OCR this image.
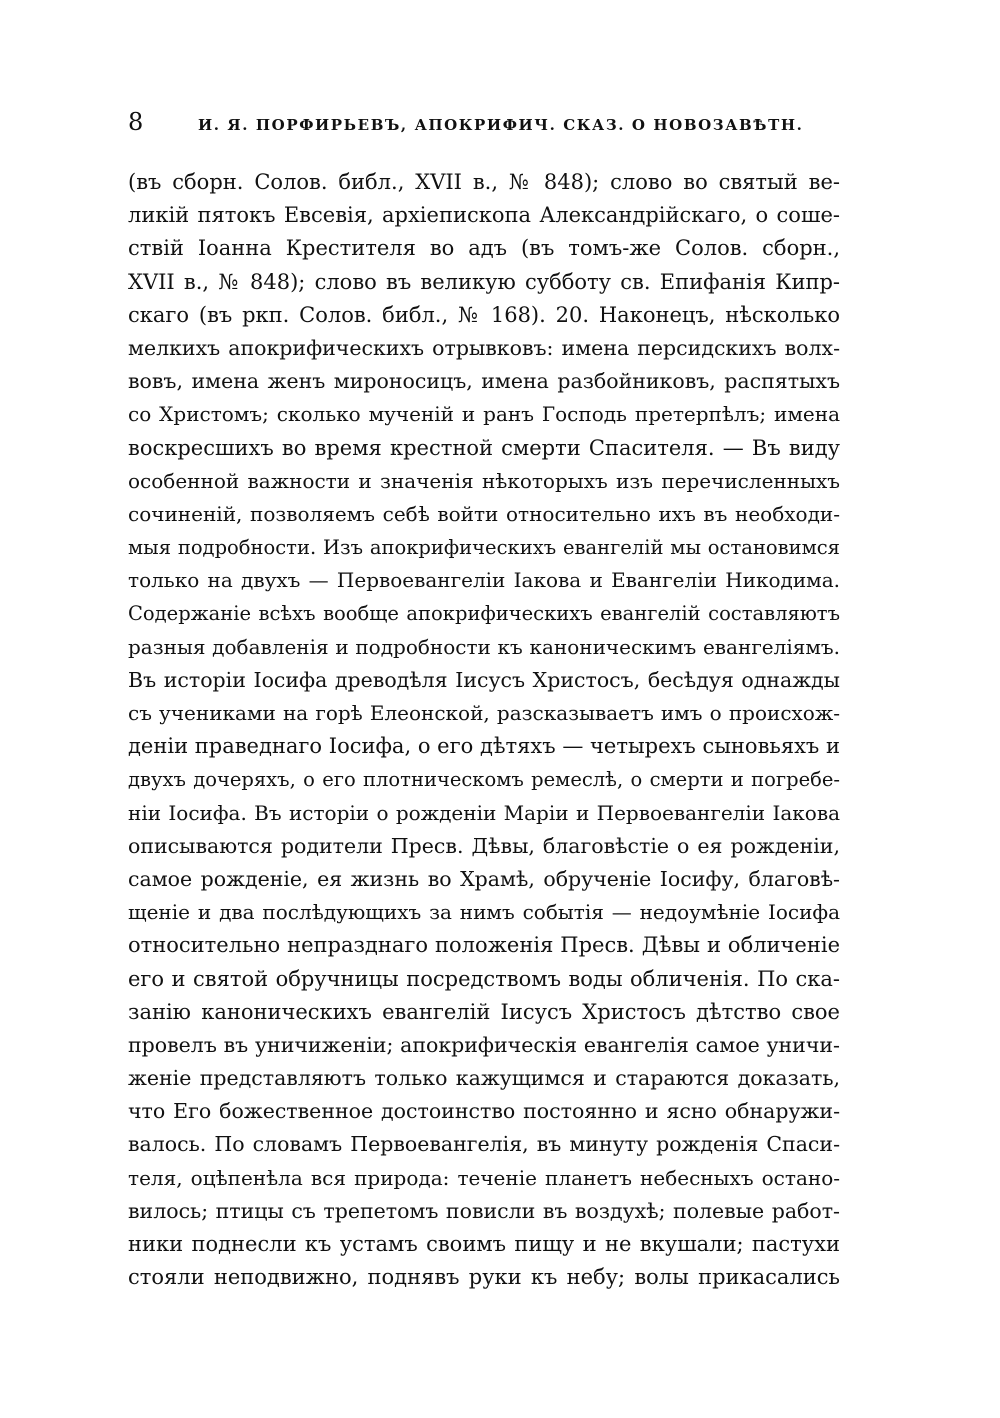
8	И. Я. ПОРФИРЬЕВЪ, АПОКРИФИЧ. СКАЗ. О НОВОЗАВѢТН.
(въ сборн. Солов. библ., XVII в., № 848); слово во святый ве-
ликій пятокъ Евсевія, архіепископа Александрійскаго, о соше-
ствій Іоанна Крестителя во адъ (въ томъ-же Солов. сборн.,
XVII в., № 848); слово въ великую субботу св. Епифанія Кипр-
скаго (въ ркп. Солов. библ., № 168). 20. Наконецъ, нѣсколько
мелкихъ апокрифическихъ отрывковъ: имена персидскихъ волх-
вовъ, имена женъ мироносицъ, имена разбойниковъ, распятыхъ
со Христомъ; сколько мученій и ранъ Господь претерпѣлъ; имена
воскресшихъ во время крестной смерти Спасителя. — Въ виду
особенной важности и значенія нѣкоторыхъ изъ перечисленныхъ
сочиненій, позволяемъ себѣ войти относительно ихъ въ необходи-
мыя подробности. Изъ апокрифическихъ евангелій мы остановимся
только на двухъ — Первоевангеліи Іакова и Евангеліи Никодима.
Содержаніе всѣхъ вообще апокрифическихъ евангелій составляютъ
разныя добавленія и подробности къ каноническимъ евангеліямъ.
Въ исторіи Іосифа древодѣля Іисусъ Христосъ, бесѣдуя однажды
съ учениками на горѣ Елеонской, разсказываетъ имъ о происхож-
деніи праведнаго Іосифа, о его дѣтяхъ — четырехъ сыновьяхъ и
двухъ дочеряхъ, о его плотническомъ ремеслѣ, о смерти и погребе-
ніи Іосифа. Въ исторіи о рожденіи Маріи и Первоевангеліи Іакова
описываются родители Пресв. Дѣвы, благовѣстіе о ея рожденіи,
самое рожденіе, ея жизнь во Храмѣ, обрученіе Іосифу, благовѣ-
щеніе и два послѣдующихъ за нимъ событія — недоумѣніе Іосифа
относительно непразднаго положенія Пресв. Дѣвы и обличеніе
его и святой обручницы посредствомъ воды обличенія. По ска-
занію каноническихъ евангелій Іисусъ Христосъ дѣтство свое
провелъ въ уничиженіи; апокрифическія евангелія самое уничи-
женіе представляютъ только кажущимся и стараются доказать,
что Его божественное достоинство постоянно и ясно обнаружи-
валось. По словамъ Первоевангелія, въ минуту рожденія Спаси-
теля, оцѣпенѣла вся природа: теченіе планетъ небесныхъ остано-
вилось; птицы съ трепетомъ повисли въ воздухѣ; полевые работ-
ники поднесли къ устамъ своимъ пищу и не вкушали; пастухи
стояли неподвижно, поднявъ руки къ небу; волы прикасались
